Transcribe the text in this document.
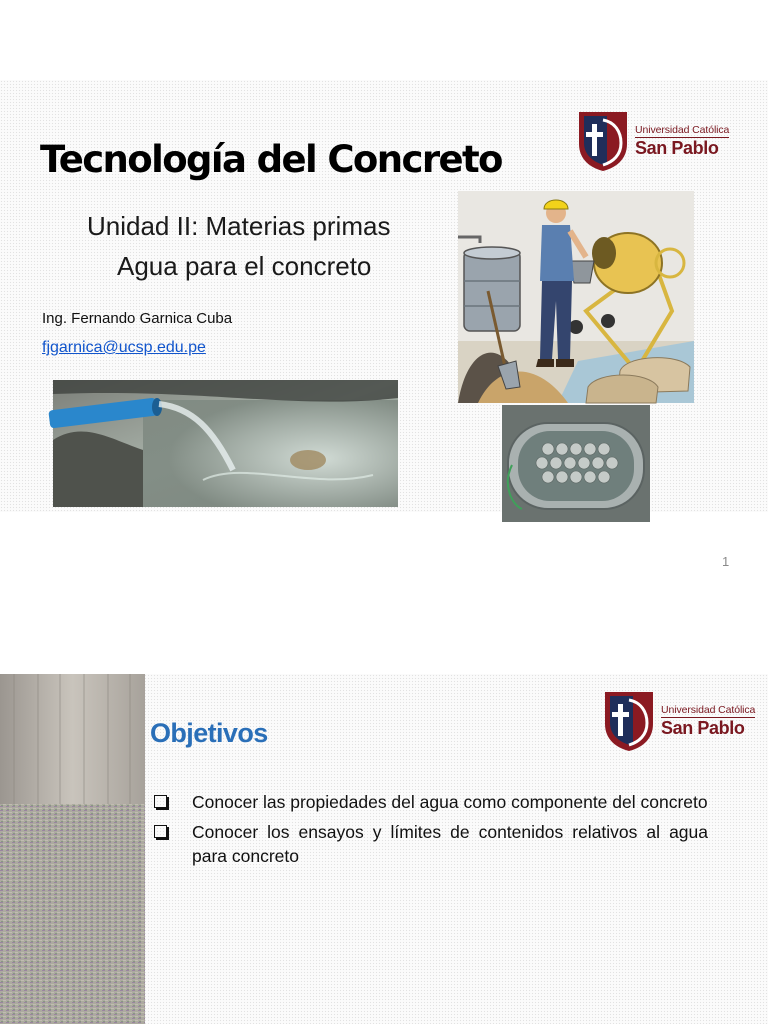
Tecnología del Concreto
Universidad Católica
San Pablo
Unidad II: Materias primas
Agua para el concreto
Ing. Fernando Garnica Cuba
fjgarnica@ucsp.edu.pe
1
Objetivos
Universidad Católica
San Pablo
Conocer las propiedades del agua como componente del concreto
Conocer los ensayos y límites de contenidos relativos al agua para concreto
